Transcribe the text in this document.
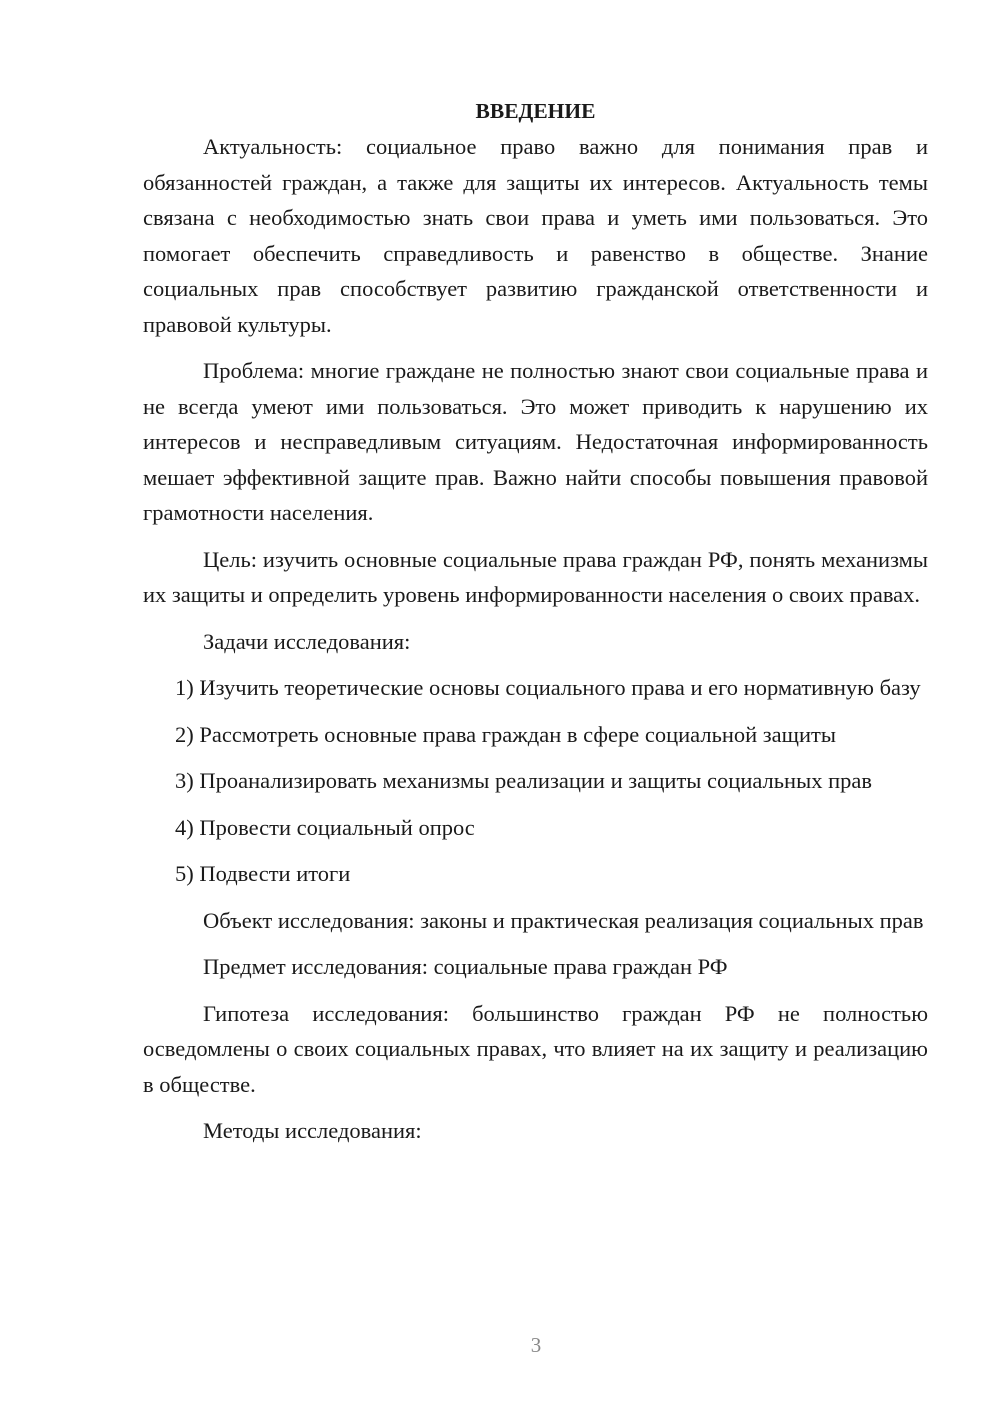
ВВЕДЕНИЕ

Актуальность: социальное право важно для понимания прав и обязанностей граждан, а также для защиты их интересов. Актуальность темы связана с необходимостью знать свои права и уметь ими пользоваться. Это помогает обеспечить справедливость и равенство в обществе. Знание социальных прав способствует развитию гражданской ответственности и правовой культуры.

Проблема: многие граждане не полностью знают свои социальные права и не всегда умеют ими пользоваться. Это может приводить к нарушению их интересов и несправедливым ситуациям. Недостаточная информированность мешает эффективной защите прав. Важно найти способы повышения правовой грамотности населения.

Цель: изучить основные социальные права граждан РФ, понять механизмы их защиты и определить уровень информированности населения о своих правах.

Задачи исследования:

1) Изучить теоретические основы социального права и его нормативную базу

2) Рассмотреть основные права граждан в сфере социальной защиты

3) Проанализировать механизмы реализации и защиты социальных прав

4) Провести социальный опрос

5) Подвести итоги

Объект исследования: законы и практическая реализация социальных прав

Предмет исследования: социальные права граждан РФ

Гипотеза исследования: большинство граждан РФ не полностью осведомлены о своих социальных правах, что влияет на их защиту и реализацию в обществе.

Методы исследования:

3
